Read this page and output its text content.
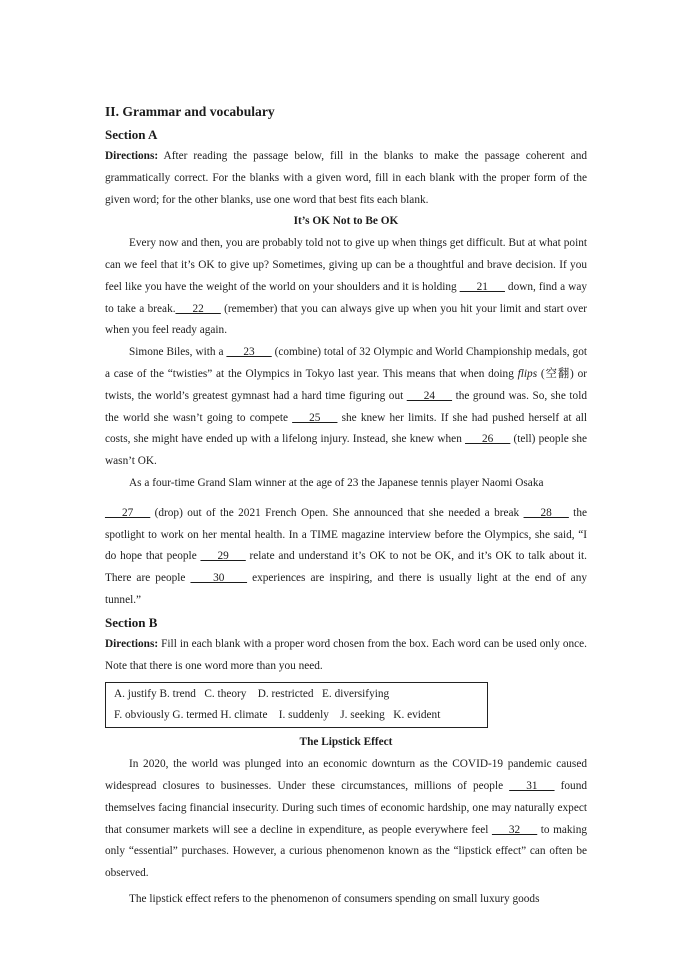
II. Grammar and vocabulary

Section A

Directions: After reading the passage below, fill in the blanks to make the passage coherent and grammatically correct. For the blanks with a given word, fill in each blank with the proper form of the given word; for the other blanks, use one word that best fits each blank.

It’s OK Not to Be OK

Every now and then, you are probably told not to give up when things get difficult. But at what point can we feel that it’s OK to give up? Sometimes, giving up can be a thoughtful and brave decision. If you feel like you have the weight of the world on your shoulders and it is holding ___21___ down, find a way to take a break.___22___ (remember) that you can always give up when you hit your limit and start over when you feel ready again.

Simone Biles, with a ___23___ (combine) total of 32 Olympic and World Championship medals, got a case of the “twisties” at the Olympics in Tokyo last year. This means that when doing flips (空翻) or twists, the world’s greatest gymnast had a hard time figuring out ___24___ the ground was. So, she told the world she wasn’t going to compete ___25___ she knew her limits. If she had pushed herself at all costs, she might have ended up with a lifelong injury. Instead, she knew when ___26___ (tell) people she wasn’t OK.

As a four-time Grand Slam winner at the age of 23 the Japanese tennis player Naomi Osaka

___27___ (drop) out of the 2021 French Open. She announced that she needed a break ___28___ the spotlight to work on her mental health. In a TIME magazine interview before the Olympics, she said, “I do hope that people ___29___ relate and understand it’s OK to not be OK, and it’s OK to talk about it. There are people ____30____ experiences are inspiring, and there is usually light at the end of any tunnel.”

Section B

Directions: Fill in each blank with a proper word chosen from the box. Each word can be used only once. Note that there is one word more than you need.

A. justify B. trend   C. theory    D. restricted   E. diversifying
F. obviously G. termed H. climate    I. suddenly    J. seeking   K. evident

The Lipstick Effect

In 2020, the world was plunged into an economic downturn as the COVID-19 pandemic caused widespread closures to businesses. Under these circumstances, millions of people ___31___ found themselves facing financial insecurity. During such times of economic hardship, one may naturally expect that consumer markets will see a decline in expenditure, as people everywhere feel ___32___ to making only “essential” purchases. However, a curious phenomenon known as the “lipstick effect” can often be observed.

The lipstick effect refers to the phenomenon of consumers spending on small luxury goods
